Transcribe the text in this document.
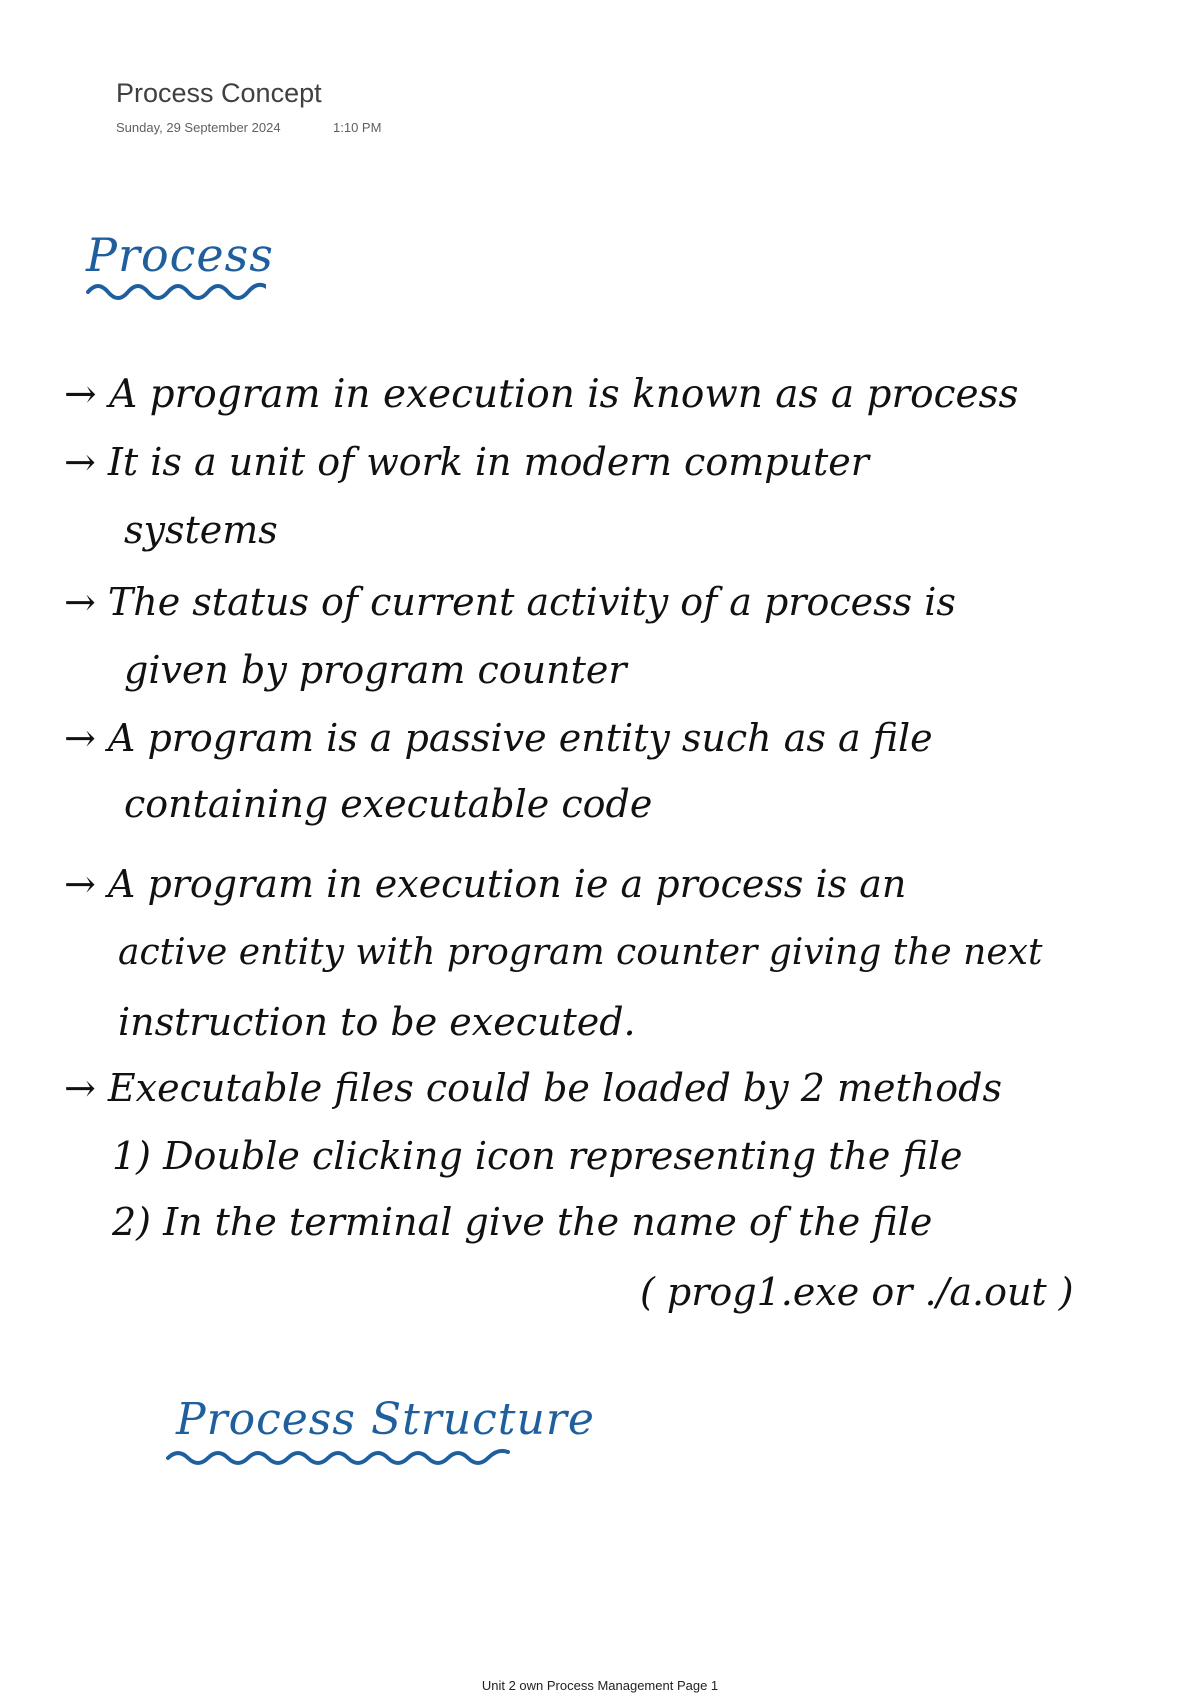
Process Concept
Sunday, 29 September 2024	1:10 PM
Process
→ A program in execution is known as a process
→ It is a unit of work in modern computer
systems
→ The status of current activity of a process is
given by program counter
→ A program is a passive entity such as a file
containing executable code
→ A program in execution ie a process is an
active entity with program counter giving the next
instruction to be executed.
→ Executable files could be loaded by 2 methods
1) Double clicking icon representing the file
2) In the terminal give the name of the file
( prog1.exe or ./a.out )
Process Structure
Unit 2 own Process Management Page 1
